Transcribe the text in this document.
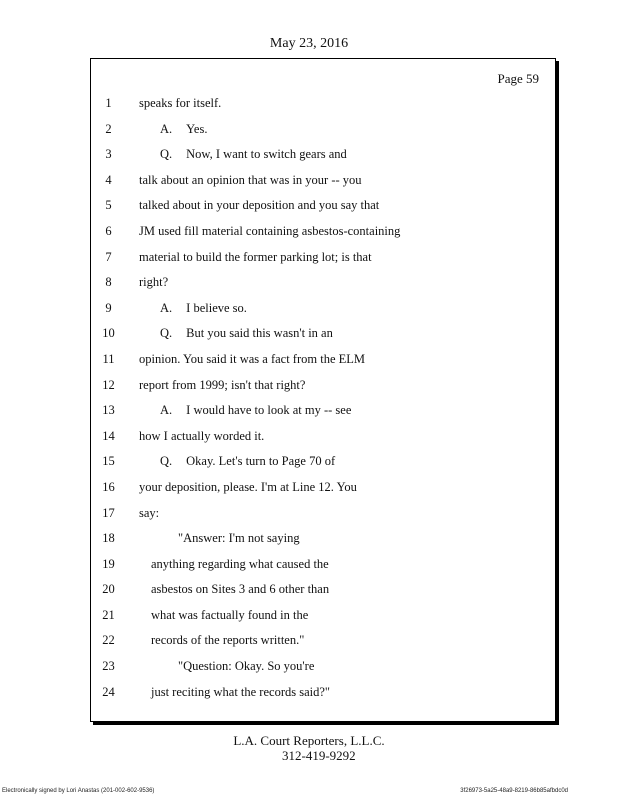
May 23, 2016
Page 59
1	speaks for itself.
2	A. Yes.
3	Q. Now, I want to switch gears and
4	talk about an opinion that was in your -- you
5	talked about in your deposition and you say that
6	JM used fill material containing asbestos-containing
7	material to build the former parking lot; is that
8	right?
9	A. I believe so.
10	Q. But you said this wasn't in an
11	opinion. You said it was a fact from the ELM
12	report from 1999; isn't that right?
13	A. I would have to look at my -- see
14	how I actually worded it.
15	Q. Okay. Let's turn to Page 70 of
16	your deposition, please. I'm at Line 12. You
17	say:
18	"Answer: I'm not saying
19	anything regarding what caused the
20	asbestos on Sites 3 and 6 other than
21	what was factually found in the
22	records of the reports written."
23	"Question: Okay. So you're
24	just reciting what the records said?"
L.A. Court Reporters, L.L.C.
312-419-9292
Electronically signed by Lori Anastas (201-002-602-9536)	3f26973-5a25-48a9-8219-86b85afbdc0d
